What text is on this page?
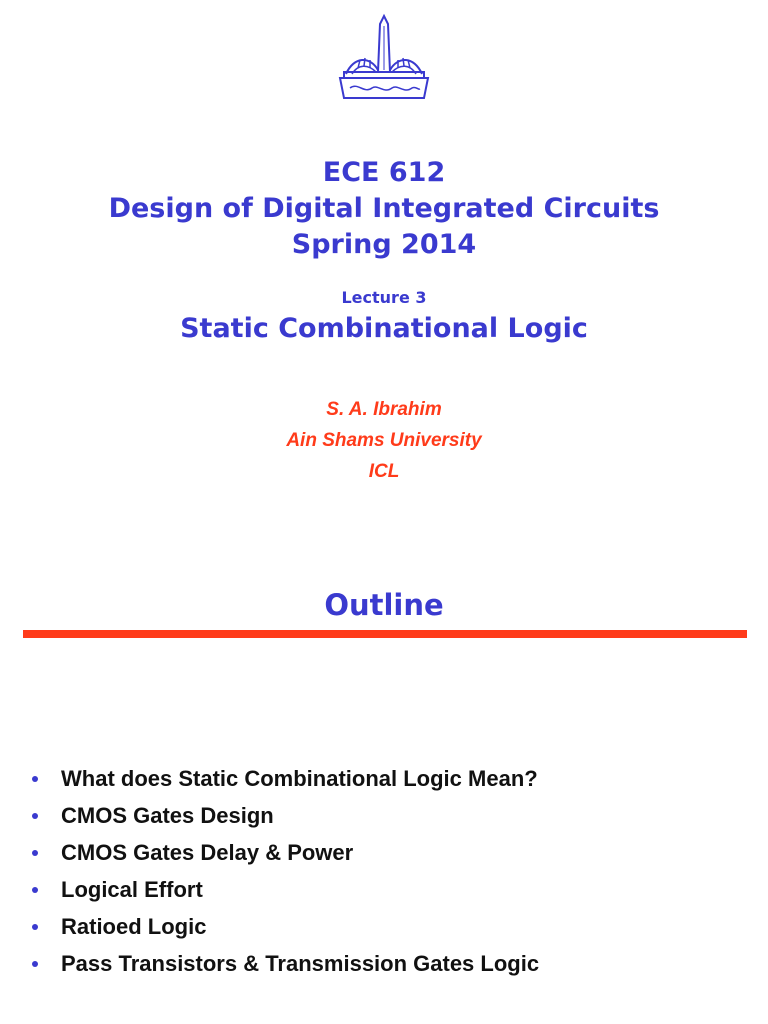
ECE 612
Design of Digital Integrated Circuits
Spring 2014
Lecture 3
Static Combinational Logic
S. A. Ibrahim
Ain Shams University
ICL
Outline
What does Static Combinational Logic Mean?
CMOS Gates Design
CMOS Gates Delay & Power
Logical Effort
Ratioed Logic
Pass Transistors & Transmission Gates Logic
